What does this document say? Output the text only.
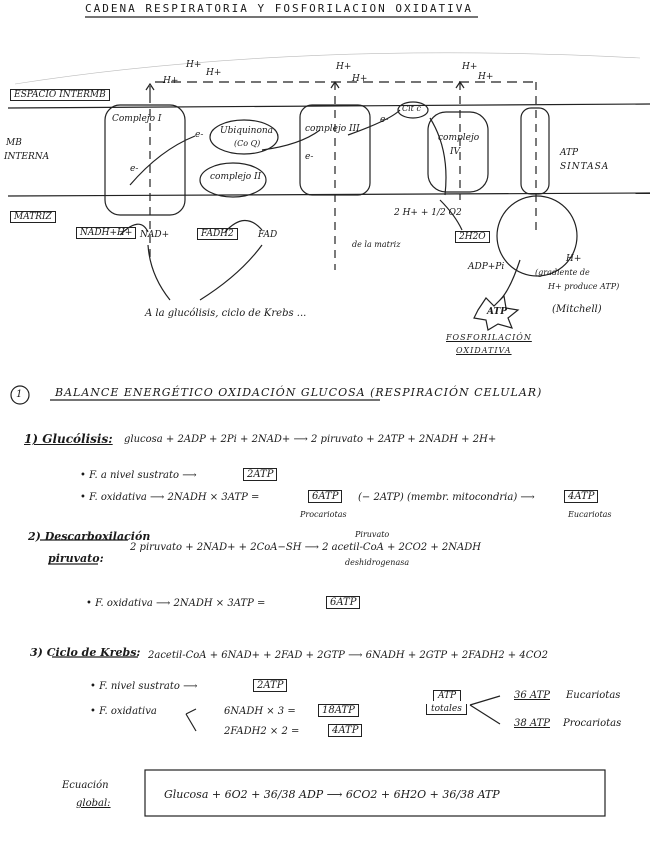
CADENA RESPIRATORIA Y FOSFORILACION OXIDATIVA
ESPACIO INTERMB
MB
INTERNA
MATRIZ
Complejo I
Ubiquinona
(Co Q)
complejo II
complejo III
Cit c
complejo
IV	ATP
SINTASA
NADH+H+ NAD+	FADH2	FAD
H+
H+
H+
H+
H+
H+
H+
H+
e-
e-
e-
e-
2 H+ + 1/2 O2
2H2O
de la matriz
ADP+Pi
ATP
(gradiente de
H+ produce ATP)
(Mitchell)
A la glucólisis, ciclo de Krebs ...
FOSFORILACIÓN
OXIDATIVA
1	BALANCE ENERGÉTICO OXIDACIÓN GLUCOSA (RESPIRACIÓN CELULAR)
1) Glucólisis: glucosa + 2ADP + 2Pi + 2NAD+ ⟶ 2 piruvato + 2ATP + 2NADH + 2H+
• F. a nivel sustrato ⟶	2ATP
• F. oxidativa ⟶ 2NADH × 3ATP =	6ATP	(− 2ATP) (membr. mitocondria) ⟶	4ATP
Procariotas	Eucariotas
2) Descarboxilación
piruvato:
2 piruvato + 2NAD+ + 2CoA−SH ⟶ 2 acetil-CoA + 2CO2 + 2NADH
Piruvato
deshidrogenasa
• F. oxidativa ⟶ 2NADH × 3ATP =	6ATP
3) Ciclo de Krebs: 2acetil-CoA + 6NAD+ + 2FAD + 2GTP ⟶ 6NADH + 2GTP + 2FADH2 + 4CO2
• F. nivel sustrato ⟶	2ATP
• F. oxidativa	6NADH × 3 =	18ATP
2FADH2 × 2 =	4ATP
ATP
totales
36 ATP Eucariotas
38 ATP Procariotas
Ecuación
global:
Glucosa + 6O2 + 36/38 ADP ⟶ 6CO2 + 6H2O + 36/38 ATP
